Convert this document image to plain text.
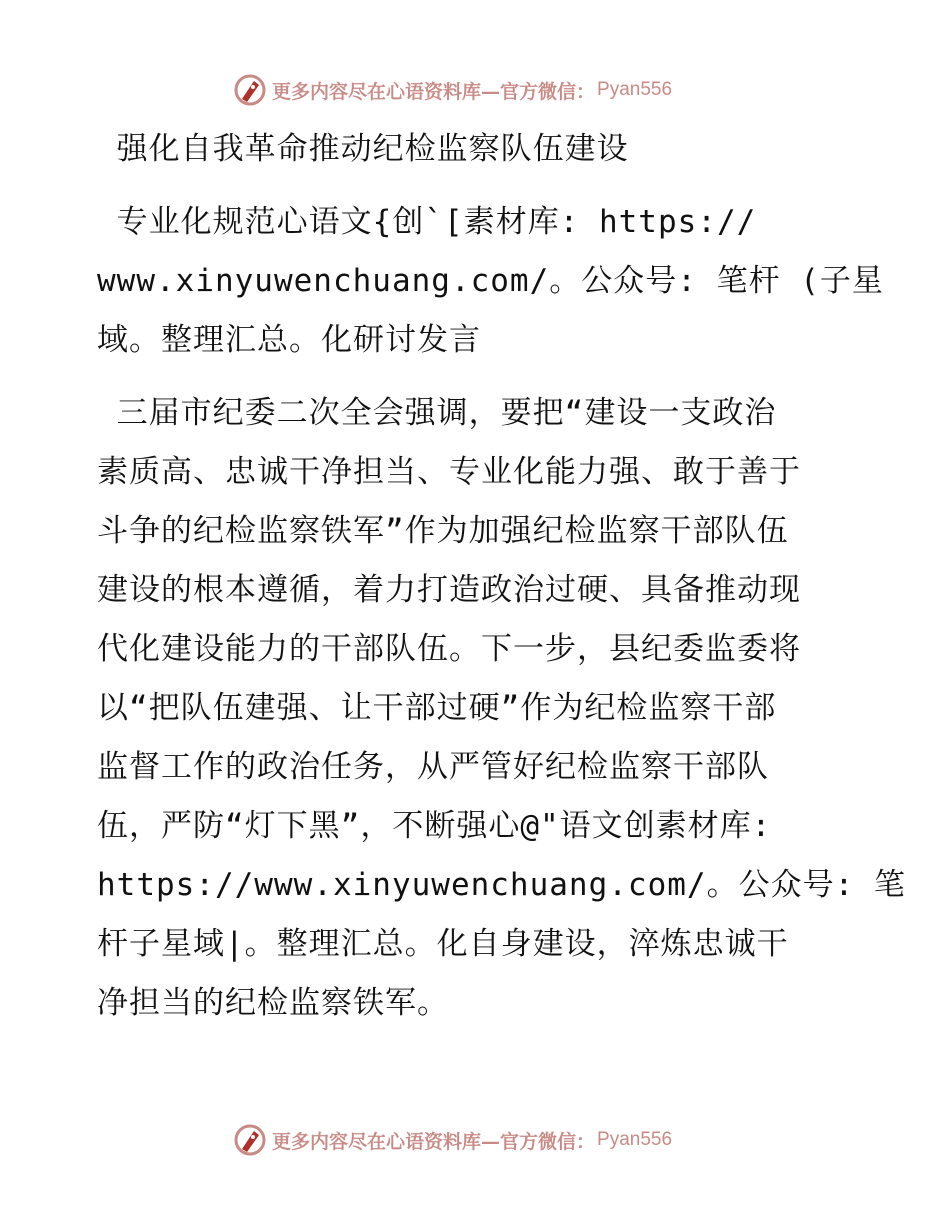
更多内容尽在心语资料库—官方微信： Pyan556
强化自我革命推动纪检监察队伍建设
专业化规范心语文{创`[素材库: https://
www.xinyuwenchuang.com/。公众号: 笔杆 (子星
域。整理汇总。化研讨发言
三届市纪委二次全会强调，要把“建设一支政治
素质高、忠诚干净担当、专业化能力强、敢于善于
斗争的纪检监察铁军”作为加强纪检监察干部队伍
建设的根本遵循，着力打造政治过硬、具备推动现
代化建设能力的干部队伍。下一步，县纪委监委将
以“把队伍建强、让干部过硬”作为纪检监察干部
监督工作的政治任务，从严管好纪检监察干部队
伍，严防“灯下黑”，不断强心@"语文创素材库:
https://www.xinyuwenchuang.com/。公众号: 笔
杆子星域|。整理汇总。化自身建设，淬炼忠诚干
净担当的纪检监察铁军。
更多内容尽在心语资料库—官方微信： Pyan556
